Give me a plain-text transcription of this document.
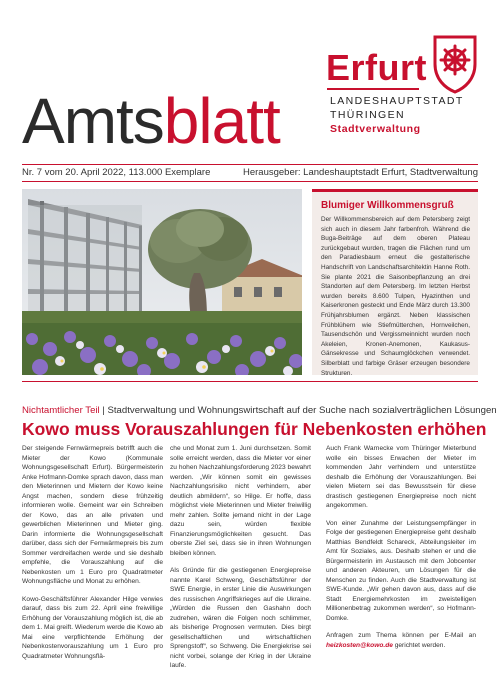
Erfurt
LANDESHAUPTSTADT
THÜRINGEN
Stadtverwaltung
Amtsblatt
Nr. 7 vom 20. April 2022, 113.000 Exemplare	Herausgeber: Landeshauptstadt Erfurt, Stadtverwaltung
Blumiger Willkommensgruß
Der Willkommensbereich auf dem Petersberg zeigt sich auch in diesem Jahr farbenfroh. Während die Buga-Beiträge auf dem oberen Plateau zurückgebaut wurden, tragen die Flächen rund um den Paradiesbaum erneut die gestalterische Handschrift von Landschaftsarchitektin Hanne Roth. Sie plante 2021 die Saisonbepflanzung an drei Standorten auf dem Petersberg. Im letzten Herbst wurden bereits 8.600 Tulpen, Hyazinthen und Kaiserkronen gesteckt und Ende März durch 13.300 Frühjahrsblumen ergänzt. Neben klassischen Frühblühern wie Stiefmütterchen, Hornveilchen, Tausendschön und Vergissmeinnicht wurden noch Akeleien, Kronen-Anemonen, Kaukasus-Gänsekresse und Schaumglöckchen verwendet. Silberblatt und farbige Gräser erzeugen besondere Strukturen.
Nichtamtlicher Teil | Stadtverwaltung und Wohnungswirtschaft auf der Suche nach sozialverträglichen Lösungen
Kowo muss Vorauszahlungen für Nebenkosten erhöhen

Der steigende Fernwärmepreis betrifft auch die Mieter der Kowo (Kommunale Wohnungsgesellschaft Erfurt). Bürgermeisterin Anke Hofmann-Domke sprach davon, dass man den Mieterinnen und Mietern der Kowo keine Angst machen, sondern diese frühzeitig informieren wolle. Gemeint war ein Schreiben der Kowo, das an alle privaten und gewerblichen Mieterinnen und Mieter ging. Darin informierte die Wohnungsgesellschaft darüber, dass sich der Fernwärmepreis bis zum Sommer verdreifachen werde und sie deshalb empfehle, die Vorauszahlung auf die Nebenkosten um 1 Euro pro Quadratmeter Wohnungsfläche und Monat zu erhöhen.

Kowo-Geschäftsführer Alexander Hilge verwies darauf, dass bis zum 22. April eine freiwillige Erhöhung der Vorauszahlung möglich ist, die ab dem 1. Mai greift. Wiederum werde die Kowo ab Mai eine verpflichtende Erhöhung der Nebenkostenvorauszahlung um 1 Euro pro Quadratmeter Wohnungsflä-

che und Monat zum 1. Juni durchsetzen. Somit solle erreicht werden, dass die Mieter vor einer zu hohen Nachzahlungsforderung 2023 bewahrt werden. „Wir können somit ein gewisses Nachzahlungsrisiko nicht verhindern, aber deutlich abmildern“, so Hilge. Er hoffe, dass möglichst viele Mieterinnen und Mieter freiwillig mehr zahlen. Sollte jemand nicht in der Lage dazu sein, würden flexible Finanzierungsmöglichkeiten gesucht. Das oberste Ziel sei, dass sie in ihren Wohnungen bleiben können.

Als Gründe für die gestiegenen Energiepreise nannte Karel Schweng, Geschäftsführer der SWE Energie, in erster Linie die Auswirkungen des russischen Angriffskrieges auf die Ukraine. „Würden die Russen den Gashahn doch zudrehen, wären die Folgen noch schlimmer, als bisherige Prognosen vermuten. Dies birgt gesellschaftlichen und wirtschaftlichen Sprengstoff“, so Schweng. Die Energiekrise sei nicht vorbei, solange der Krieg in der Ukraine laufe.

Auch Frank Warnecke vom Thüringer Mieterbund wolle ein bisses Erwachen der Mieter im kommenden Jahr verhindern und unterstütze deshalb die Erhöhung der Vorauszahlungen. Bei vielen Mietern sei das Bewusstsein für diese drastisch gestiegenen Energiepreise noch nicht angekommen.

Von einer Zunahme der Leistungsempfänger in Folge der gestiegenen Energiepreise geht deshalb Matthias Bendfeldt Schareck, Abteilungsleiter im Amt für Soziales, aus. Deshalb stehen er und die Bürgermeisterin im Austausch mit dem Jobcenter und anderen Akteuren, um Lösungen für die Menschen zu finden. Auch die Stadtverwaltung ist SWE-Kunde. „Wir gehen davon aus, dass auf die Stadt Energiemehrkosten im zweistelligen Millionenbetrag zukommen werden“, so Hofmann-Domke.

Anfragen zum Thema können per E-Mail an heizkosten@kowo.de gerichtet werden.
